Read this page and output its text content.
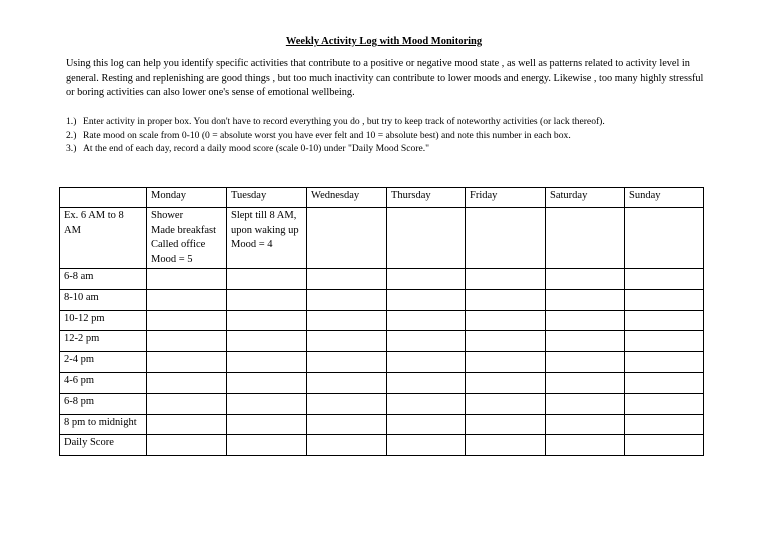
Weekly Activity Log with Mood Monitoring
Using this log can help you identify specific activities that contribute to a positive or negative mood state , as well as patterns related to activity level in general. Resting and replenishing are good things , but too much inactivity can contribute to lower moods and energy. Likewise , too many highly stressful or boring activities can also lower one's sense of emotional wellbeing.
1.) Enter activity in proper box. You don't have to record everything you do , but try to keep track of noteworthy activities (or lack thereof).
2.) Rate mood on scale from 0-10 (0 = absolute worst you have ever felt and 10 = absolute best) and note this number in each box.
3.) At the end of each day, record a daily mood score (scale 0-10) under "Daily Mood Score."
	Monday	Tuesday	Wednesday	Thursday	Friday	Saturday	Sunday
Ex. 6 AM to 8 AM	Shower
Made breakfast
Called office
Mood = 5	Slept till 8 AM,
upon waking up
Mood = 4					

6-8 am							
8-10 am							
10-12 pm							
12-2 pm							
2-4 pm							
4-6 pm							
6-8 pm							
8 pm to midnight							
Daily Score							
